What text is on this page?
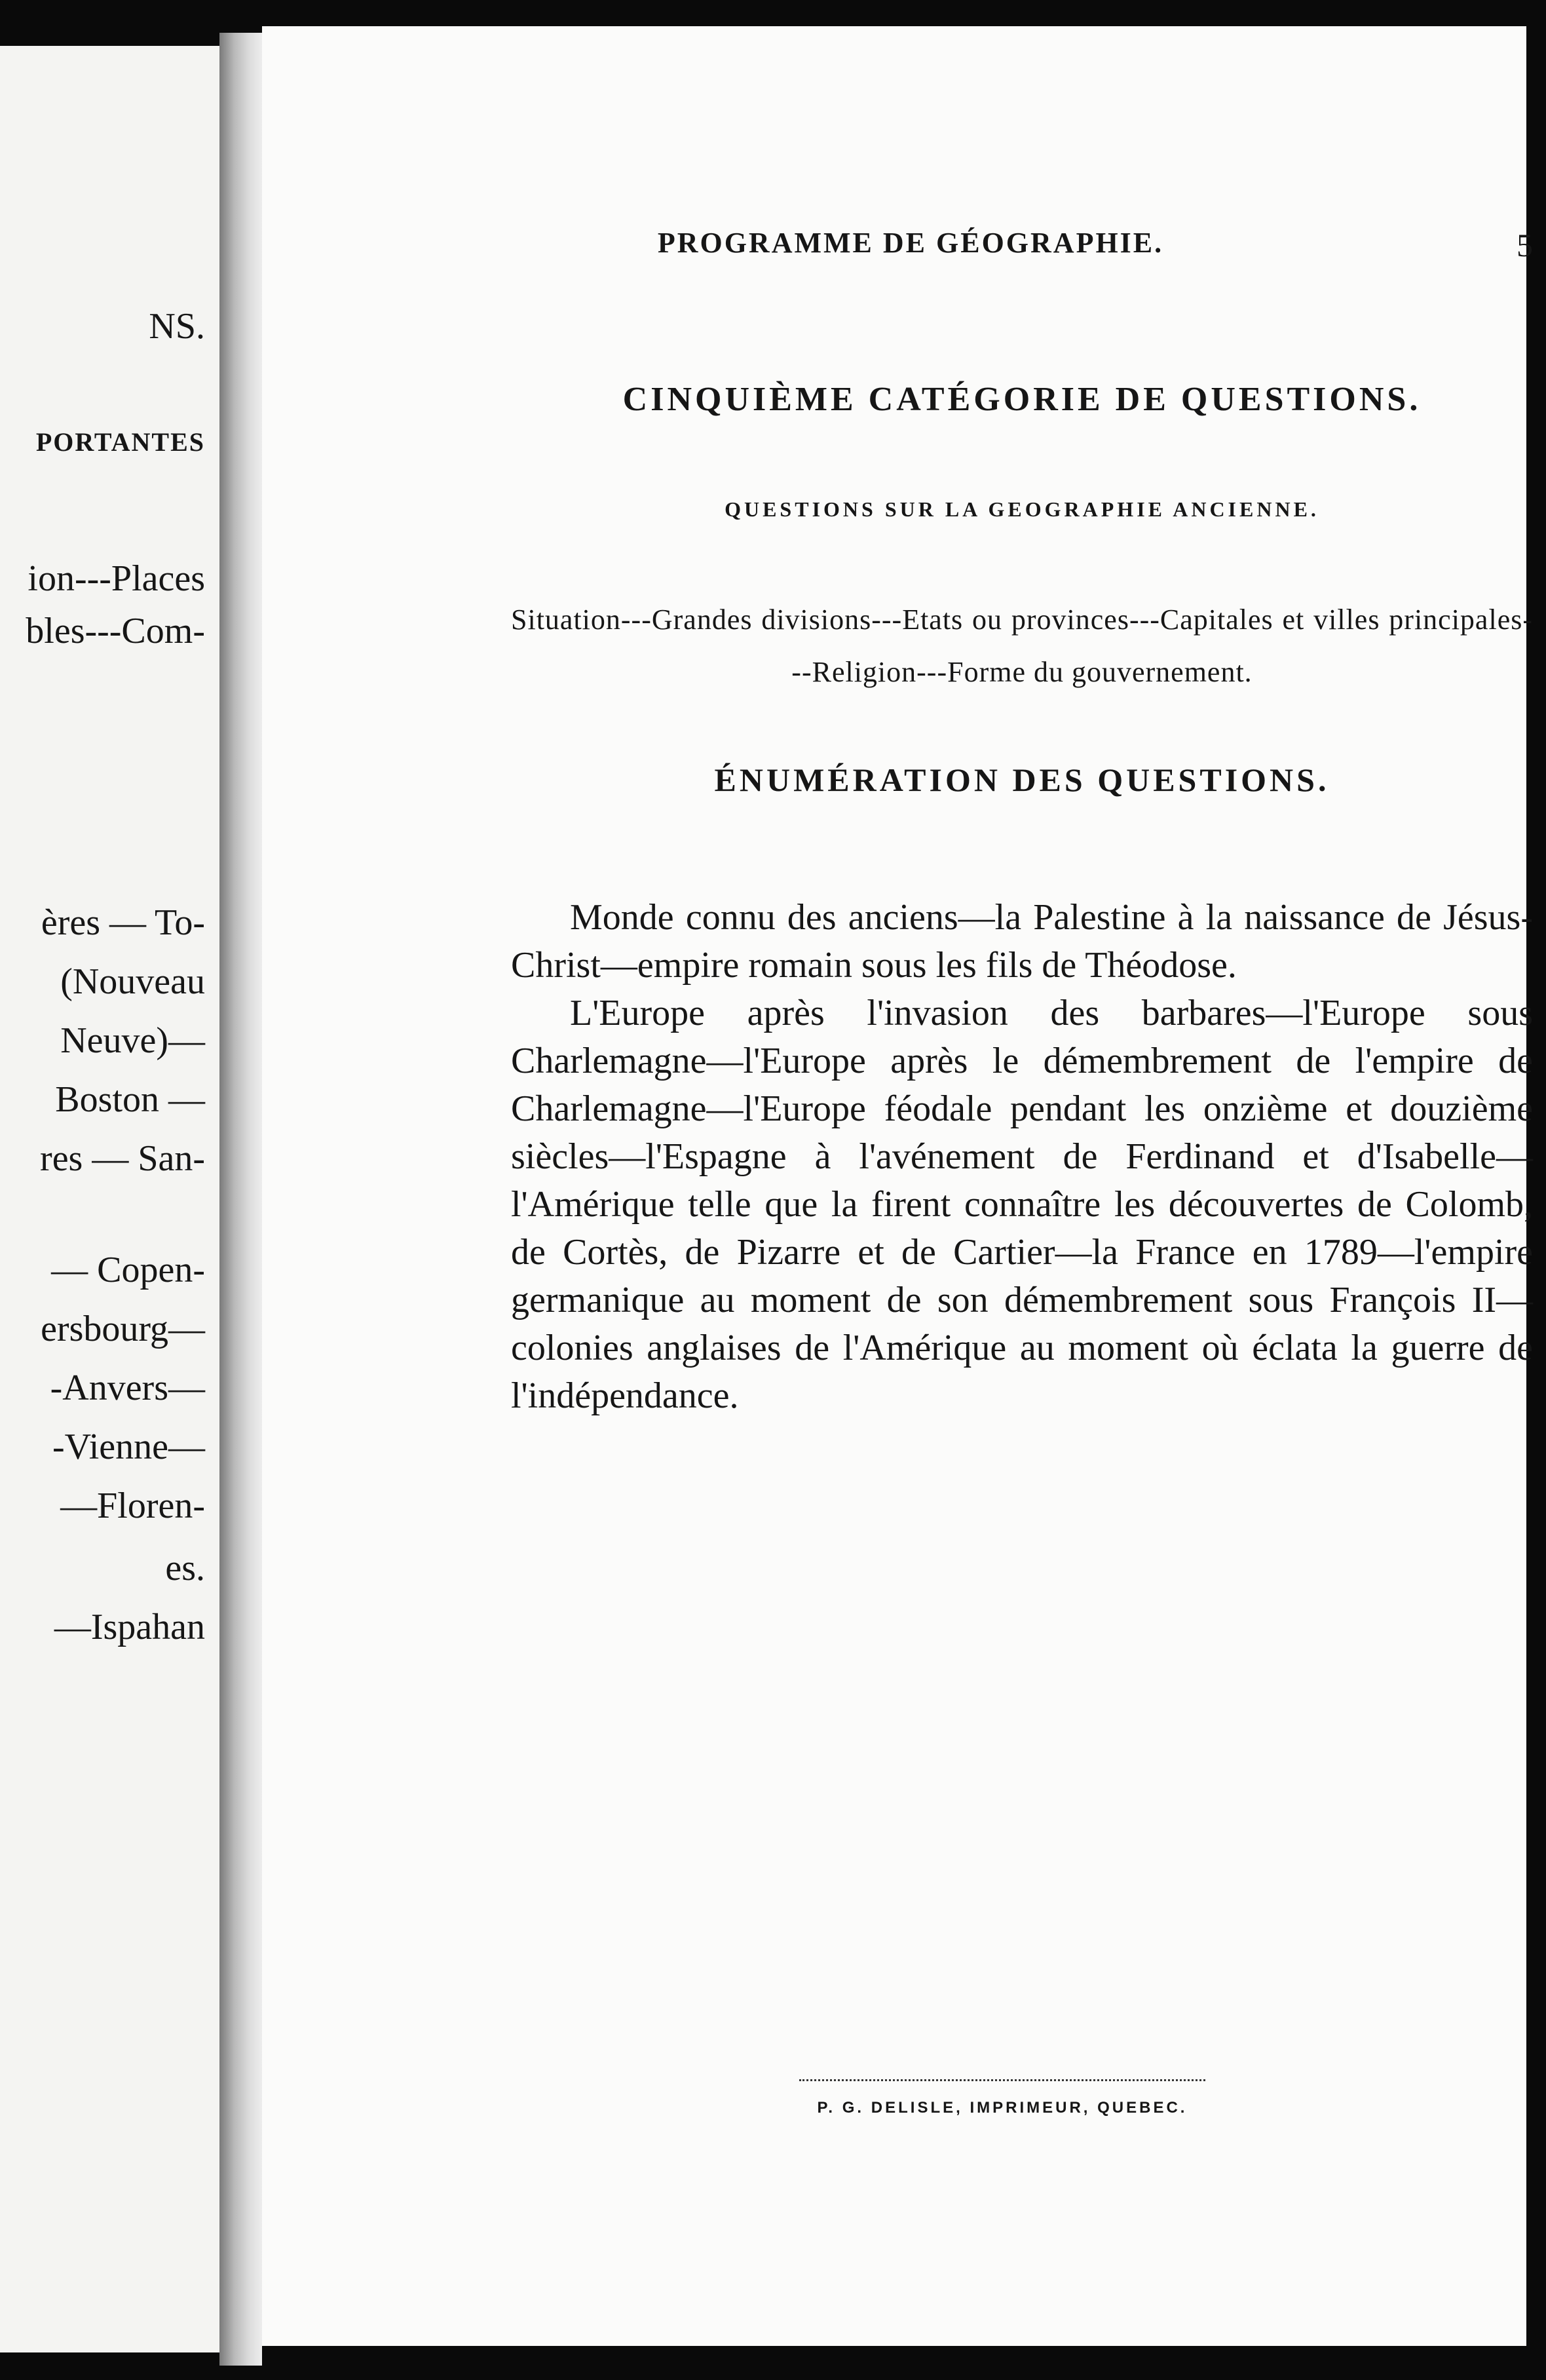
NS.
PORTANTES
ion---Places
bles---Com-
ères — To-
(Nouveau
Neuve)—
Boston —
res — San-
— Copen-
ersbourg—
-Anvers—
-Vienne—
—Floren-
es.
—Ispahan
PROGRAMME DE GÉOGRAPHIE.	5
CINQUIÈME CATÉGORIE DE QUESTIONS.
QUESTIONS SUR LA GEOGRAPHIE ANCIENNE.

Situation---Grandes divisions---Etats ou provinces---Capitales et villes principales---Religion---Forme du gouvernement.

ÉNUMÉRATION DES QUESTIONS.

Monde connu des anciens—la Palestine à la naissance de Jésus-Christ—empire romain sous les fils de Théodose.

L'Europe après l'invasion des barbares—l'Europe sous Charlemagne—l'Europe après le démembrement de l'empire de Charlemagne—l'Europe féodale pendant les onzième et douzième siècles—l'Espagne à l'avénement de Ferdinand et d'Isabelle—l'Amérique telle que la firent connaître les découvertes de Colomb, de Cortès, de Pizarre et de Cartier—la France en 1789—l'empire germanique au moment de son démembrement sous François II—colonies anglaises de l'Amérique au moment où éclata la guerre de l'indépendance.

P. G. DELISLE, IMPRIMEUR, QUEBEC.
